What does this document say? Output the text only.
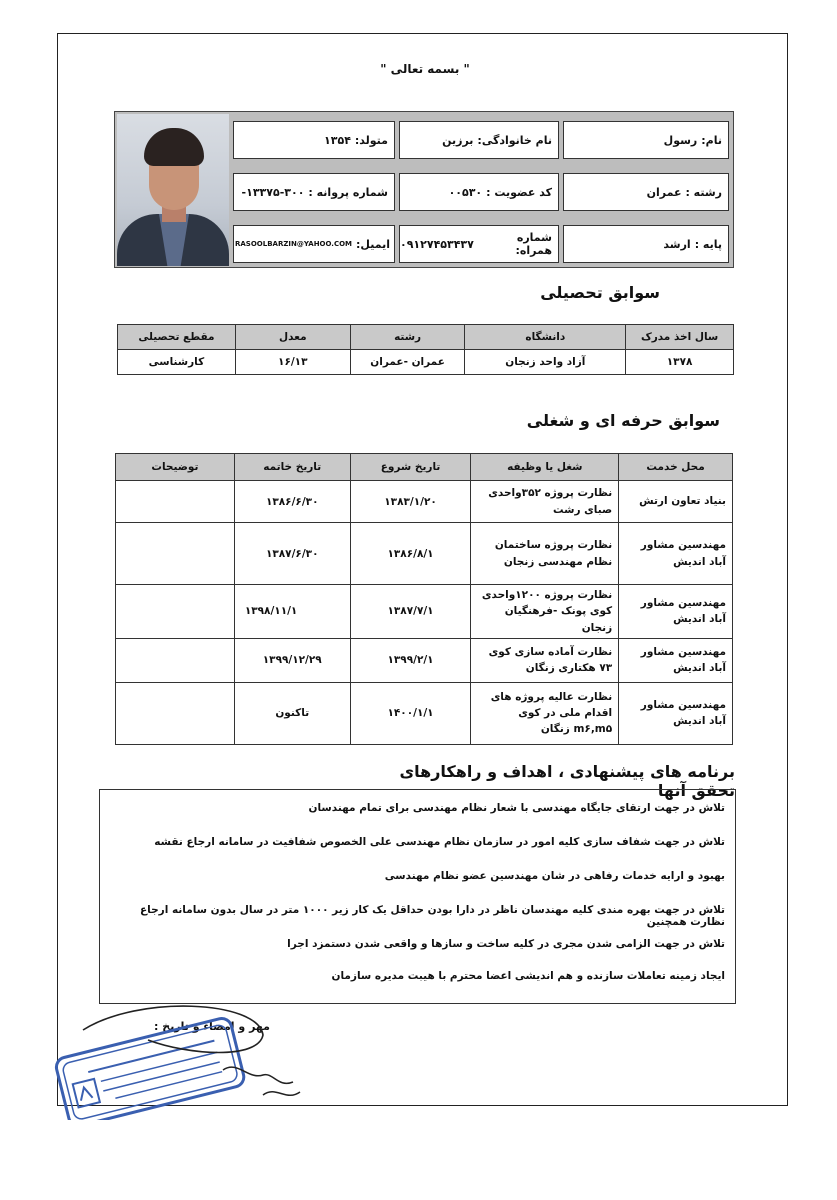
" بسمه تعالی "
نام:
رسول
نام خانوادگی:
برزین
متولد:
۱۳۵۴
رشته :
عمران
کد عضویت :
۰۰۵۳۰
شماره پروانه :
۱۳۳۷۵-۳۰۰-
پایه :
ارشد
شماره همراه:
۰۹۱۲۷۴۵۳۴۳۷
ایمیل:
RASOOLBARZIN@YAHOO.COM
سوابق تحصیلی
سال اخذ مدرک	دانشگاه	رشته	معدل	مقطع تحصیلی
۱۳۷۸	آزاد واحد زنجان	عمران -عمران	۱۶/۱۳	کارشناسی
سوابق حرفه ای و شغلی
محل خدمت	شغل یا وظیفه	تاریخ شروع	تاریخ خاتمه	توضیحات
بنیاد تعاون ارتش	نظارت پروژه ۳۵۲واحدی صبای رشت	۱۳۸۳/۱/۲۰	۱۳۸۶/۶/۳۰	
مهندسین مشاور آباد اندیش	نظارت پروژه ساختمان نظام مهندسی زنجان	۱۳۸۶/۸/۱	۱۳۸۷/۶/۳۰	
مهندسین مشاور آباد اندیش	نظارت پروژه ۱۲۰۰واحدی کوی پونک -فرهنگیان زنجان	۱۳۸۷/۷/۱	۱۳۹۸/۱۱/۱	
مهندسین مشاور آباد اندیش	نظارت آماده سازی کوی ۷۳ هکتاری زنگان	۱۳۹۹/۲/۱	۱۳۹۹/۱۲/۲۹	
مهندسین مشاور آباد اندیش	نظارت عالیه پروژه های اقدام ملی در کوی m۶,m۵ زنگان	۱۴۰۰/۱/۱	تاکنون	
برنامه های پیشنهادی ، اهداف و راهکارهای تحقق آنها
تلاش در جهت ارتقای جایگاه مهندسی با شعار نظام مهندسی برای تمام مهندسان
تلاش در جهت شفاف سازی کلیه امور در سازمان نظام مهندسی علی الخصوص شفافیت در سامانه ارجاع نقشه
بهبود و ارایه خدمات رفاهی در شان مهندسین عضو نظام مهندسی
تلاش در جهت بهره مندی کلیه مهندسان ناظر در دارا بودن حداقل یک کار زیر ۱۰۰۰ متر در سال بدون سامانه ارجاع نظارت همچنین
تلاش در جهت الزامی شدن مجری در کلیه ساخت و سازها و واقعی شدن دستمزد اجرا
ایجاد زمینه تعاملات سازنده و هم اندیشی اعضا محترم با هیبت مدیره سازمان
مهر و امضاء و تاریخ :
